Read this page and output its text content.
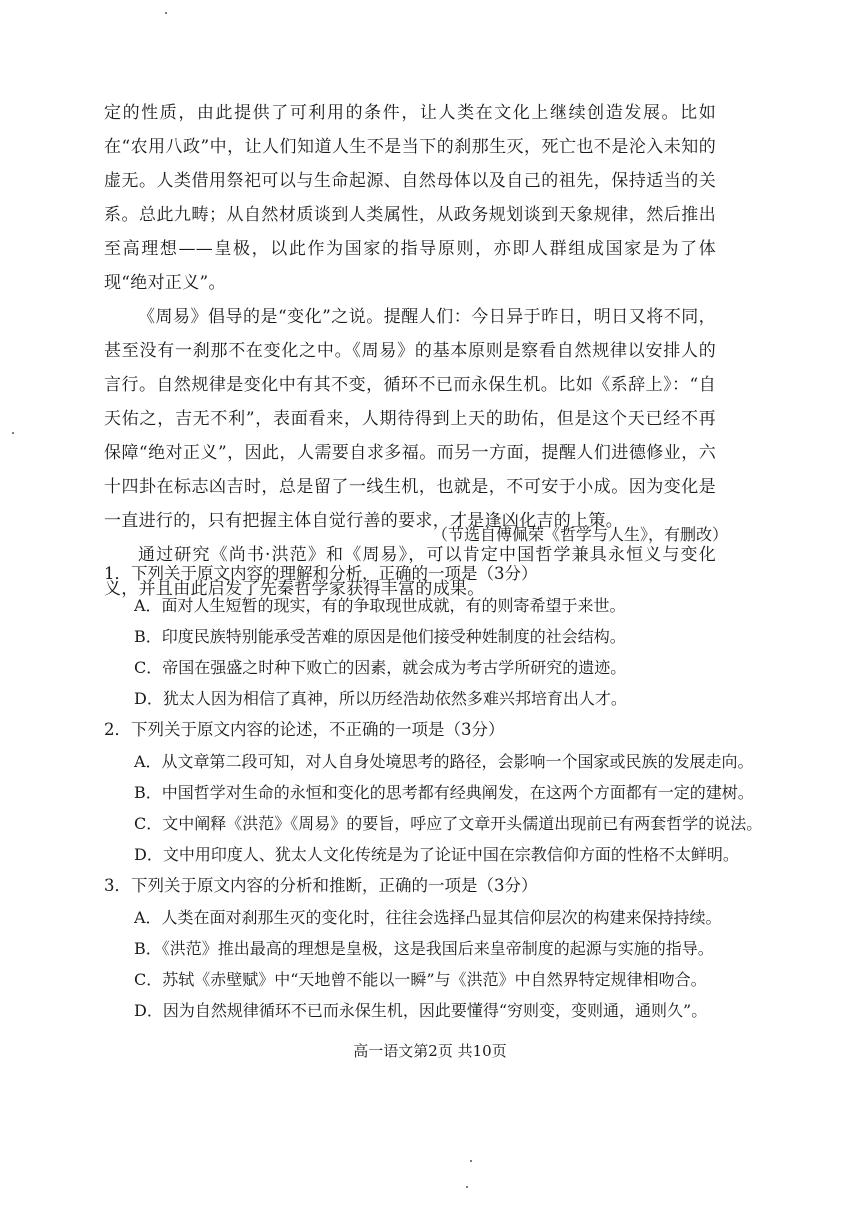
定的性质，由此提供了可利用的条件，让人类在文化上继续创造发展。比如在“农用八政”中，让人们知道人生不是当下的刹那生灭，死亡也不是沦入未知的虚无。人类借用祭祀可以与生命起源、自然母体以及自己的祖先，保持适当的关系。总此九畴；从自然材质谈到人类属性，从政务规划谈到天象规律，然后推出至高理想——皇极，以此作为国家的指导原则，亦即人群组成国家是为了体现“绝对正义”。

《周易》倡导的是“变化”之说。提醒人们：今日异于昨日，明日又将不同，甚至没有一刹那不在变化之中。《周易》的基本原则是察看自然规律以安排人的言行。自然规律是变化中有其不变，循环不已而永保生机。比如《系辞上》：“自天佑之，吉无不利”，表面看来，人期待得到上天的助佑，但是这个天已经不再保障“绝对正义”，因此，人需要自求多福。而另一方面，提醒人们进德修业，六十四卦在标志凶吉时，总是留了一线生机，也就是，不可安于小成。因为变化是一直进行的，只有把握主体自觉行善的要求，才是逢凶化吉的上策。

通过研究《尚书·洪范》和《周易》，可以肯定中国哲学兼具永恒义与变化义，并且由此启发了先秦哲学家获得丰富的成果。

（节选自傅佩荣《哲学与人生》，有删改）
1．下列关于原文内容的理解和分析，正确的一项是（3分）
A．面对人生短暂的现实，有的争取现世成就，有的则寄希望于来世。
B．印度民族特别能承受苦难的原因是他们接受种姓制度的社会结构。
C．帝国在强盛之时种下败亡的因素，就会成为考古学所研究的遗迹。
D．犹太人因为相信了真神，所以历经浩劫依然多难兴邦培育出人才。
2．下列关于原文内容的论述，不正确的一项是（3分）
A．从文章第二段可知，对人自身处境思考的路径，会影响一个国家或民族的发展走向。
B．中国哲学对生命的永恒和变化的思考都有经典阐发，在这两个方面都有一定的建树。
C．文中阐释《洪范》《周易》的要旨，呼应了文章开头儒道出现前已有两套哲学的说法。
D．文中用印度人、犹太人文化传统是为了论证中国在宗教信仰方面的性格不太鲜明。
3．下列关于原文内容的分析和推断，正确的一项是（3分）
A．人类在面对刹那生灭的变化时，往往会选择凸显其信仰层次的构建来保持持续。
B．《洪范》推出最高的理想是皇极，这是我国后来皇帝制度的起源与实施的指导。
C．苏轼《赤壁赋》中“天地曾不能以一瞬”与《洪范》中自然界特定规律相吻合。
D．因为自然规律循环不已而永保生机，因此要懂得“穷则变，变则通，通则久”。
高一语文第2页 共10页
